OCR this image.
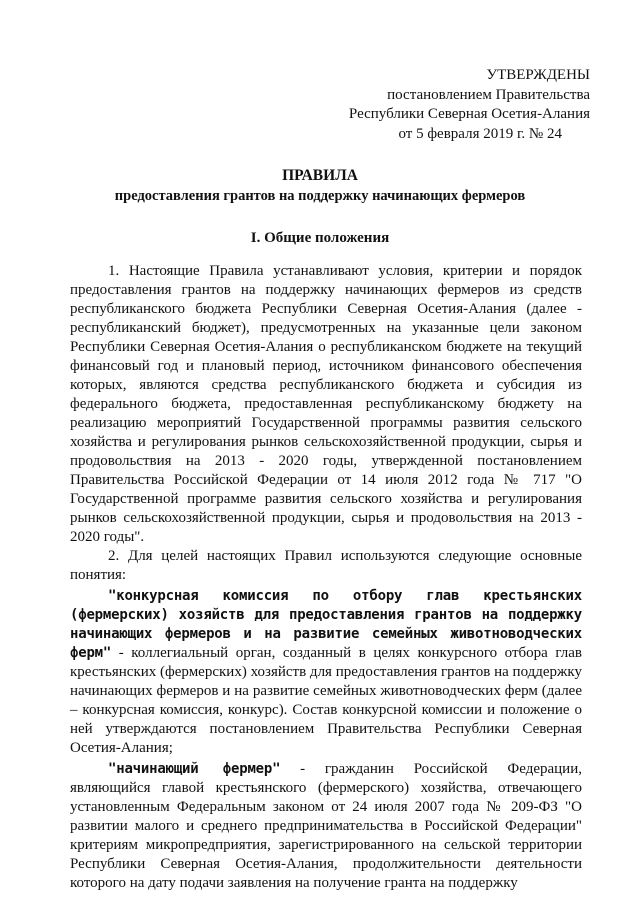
УТВЕРЖДЕНЫ
постановлением Правительства
Республики Северная Осетия-Алания
от 5 февраля 2019 г. № 24
ПРАВИЛА
предоставления грантов на поддержку начинающих фермеров
I. Общие положения

1. Настоящие Правила устанавливают условия, критерии и порядок предоставления грантов на поддержку начинающих фермеров из средств республиканского бюджета Республики Северная Осетия-Алания (далее - республиканский бюджет), предусмотренных на указанные цели законом Республики Северная Осетия-Алания о республиканском бюджете на текущий финансовый год и плановый период, источником финансового обеспечения которых, являются средства республиканского бюджета и субсидия из федерального бюджета, предоставленная республиканскому бюджету на реализацию мероприятий Государственной программы развития сельского хозяйства и регулирования рынков сельскохозяйственной продукции, сырья и продовольствия на 2013 - 2020 годы, утвержденной постановлением Правительства Российской Федерации от 14 июля 2012 года № 717 "О Государственной программе развития сельского хозяйства и регулирования рынков сельскохозяйственной продукции, сырья и продовольствия на 2013 - 2020 годы".

2. Для целей настоящих Правил используются следующие основные понятия:

"конкурсная комиссия по отбору глав крестьянских (фермерских) хозяйств для предоставления грантов на поддержку начинающих фермеров и на развитие семейных животноводческих ферм" - коллегиальный орган, созданный в целях конкурсного отбора глав крестьянских (фермерских) хозяйств для предоставления грантов на поддержку начинающих фермеров и на развитие семейных животноводческих ферм (далее – конкурсная комиссия, конкурс). Состав конкурсной комиссии и положение о ней утверждаются постановлением Правительства Республики Северная Осетия-Алания;

"начинающий фермер" - гражданин Российской Федерации, являющийся главой крестьянского (фермерского) хозяйства, отвечающего установленным Федеральным законом от 24 июля 2007 года № 209-ФЗ "О развитии малого и среднего предпринимательства в Российской Федерации" критериям микропредприятия, зарегистрированного на сельской территории Республики Северная Осетия-Алания, продолжительности деятельности которого на дату подачи заявления на получение гранта на поддержку
